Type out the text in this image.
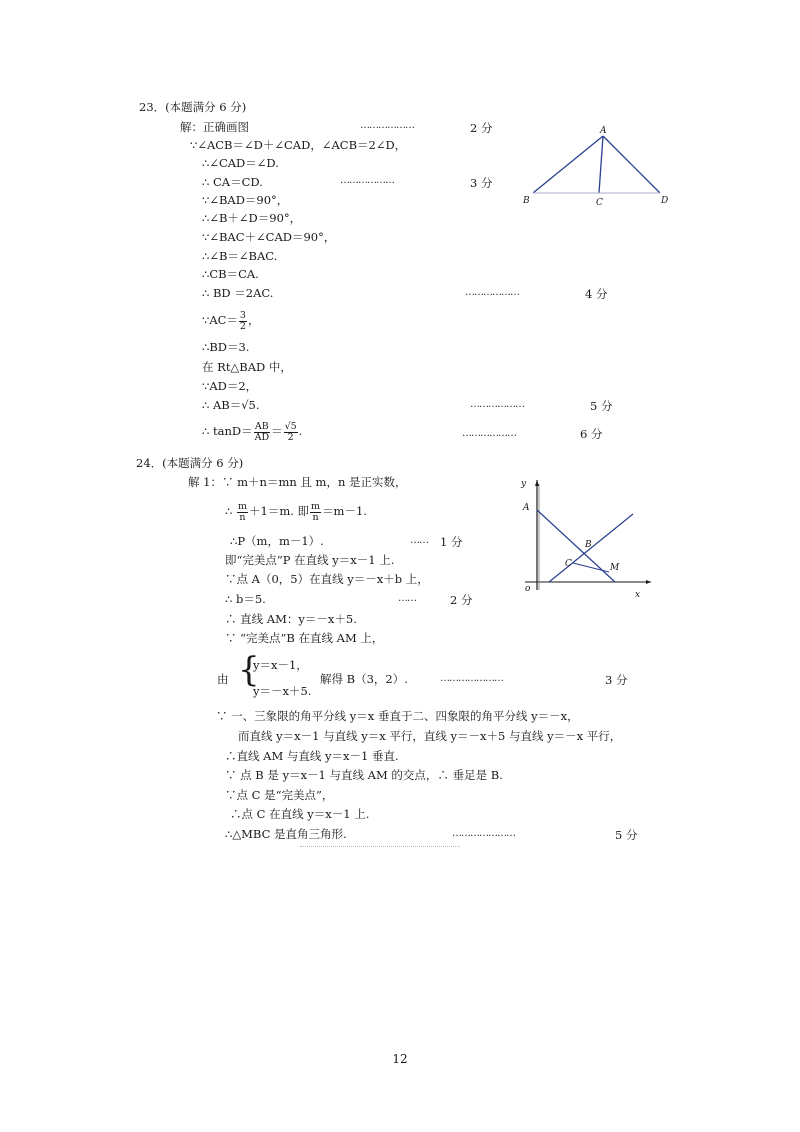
23．(本题满分 6 分)
解：正确画图	………………	2 分
∵∠ACB＝∠D＋∠CAD，∠ACB＝2∠D，
∴∠CAD＝∠D.
∴ CA＝CD.	………………	3 分
∵∠BAD＝90°，
∴∠B＋∠D＝90°，
∵∠BAC＋∠CAD＝90°，
∴∠B＝∠BAC.
∴CB＝CA.
∴ BD ＝2AC.	………………	4 分
∵AC＝ $\frac{3}{2}$ ，
∴BD＝3.
在 Rt△BAD 中，
∵AD＝2，
∴ AB＝√5.	………………	5 分
∴ $\tan D= \frac{AB}{AD} = \frac{√5}{2}$ .	………………	6 分
A
B	C	D
24．(本题满分 6 分)
解 1：∵ m＋n＝mn 且 m，n 是正实数，
∴ $\frac{m}{n} +1=m$. 即 $\frac{m}{n} =m-1$.
∴P（m，m－1）.	…… 1 分
即“完美点”P 在直线 y＝x－1 上.
∵点 A（0，5）在直线 y＝－x＋b 上，
∴ b＝5.	……	2 分
∴ 直线 AM：y＝－x＋5.
∵ “完美点”B 在直线 AM 上，
由 {
y＝x－1，
y＝－x＋5.
解得 B（3，2）.	…………………	3 分
∵ 一、三象限的角平分线 y＝x 垂直于二、四象限的角平分线 y＝－x，
而直线 y＝x－1 与直线 y＝x 平行，直线 y＝－x＋5 与直线 y＝－x 平行，
∴直线 AM 与直线 y＝x－1 垂直.
∵ 点 B 是 y＝x－1 与直线 AM 的交点，∴ 垂足是 B.
∵点 C 是“完美点”，
∴点 C 在直线 y＝x－1 上.
∴△MBC 是直角三角形.	…………………	5 分
y
A
B
C	M
o
x
12
